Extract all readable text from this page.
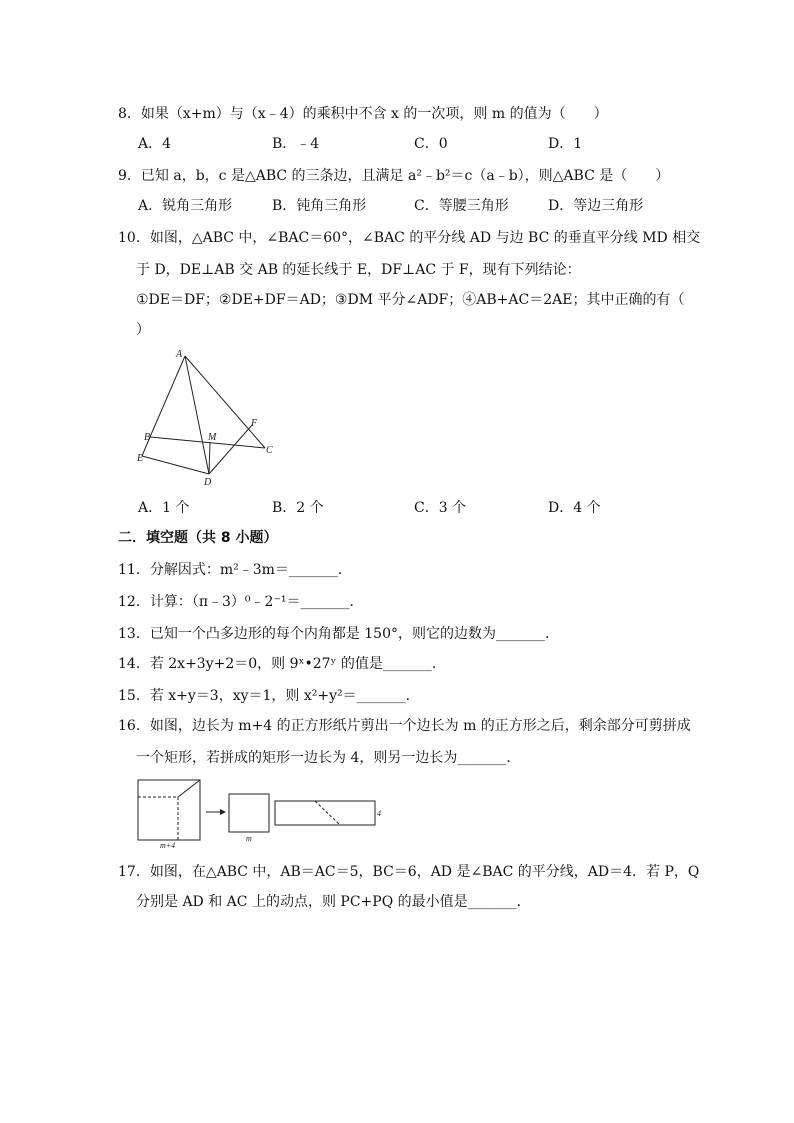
8．如果（x+m）与（x﹣4）的乘积中不含 x 的一次项，则 m 的值为（　　）
A．4	B．﹣4	C．0	D．1
9．已知 a，b，c 是△ABC 的三条边，且满足 a²﹣b²＝c（a﹣b），则△ABC 是（　　）
A．锐角三角形	B．钝角三角形	C．等腰三角形	D．等边三角形
10．如图，△ABC 中，∠BAC＝60°，∠BAC 的平分线 AD 与边 BC 的垂直平分线 MD 相交
于 D，DE⊥AB 交 AB 的延长线于 E，DF⊥AC 于 F，现有下列结论：
①DE＝DF；②DE+DF＝AD；③DM 平分∠ADF；④AB+AC＝2AE；其中正确的有（
）
A
B
C
D
E
F
M
A．1 个	B．2 个	C．3 个	D．4 个
二．填空题（共 8 小题）
11．分解因式：m²﹣3m＝_______．
12．计算：（π﹣3）⁰﹣2⁻¹＝_______．
13．已知一个凸多边形的每个内角都是 150°，则它的边数为_______．
14．若 2x+3y+2＝0，则 9ˣ•27ʸ 的值是_______．
15．若 x+y＝3，xy＝1，则 x²+y²＝_______．
16．如图，边长为 m+4 的正方形纸片剪出一个边长为 m 的正方形之后，剩余部分可剪拼成
一个矩形，若拼成的矩形一边长为 4，则另一边长为_______．
m+4
m
4
17．如图，在△ABC 中，AB＝AC＝5，BC＝6，AD 是∠BAC 的平分线，AD＝4．若 P，Q
分别是 AD 和 AC 上的动点，则 PC+PQ 的最小值是_______．
